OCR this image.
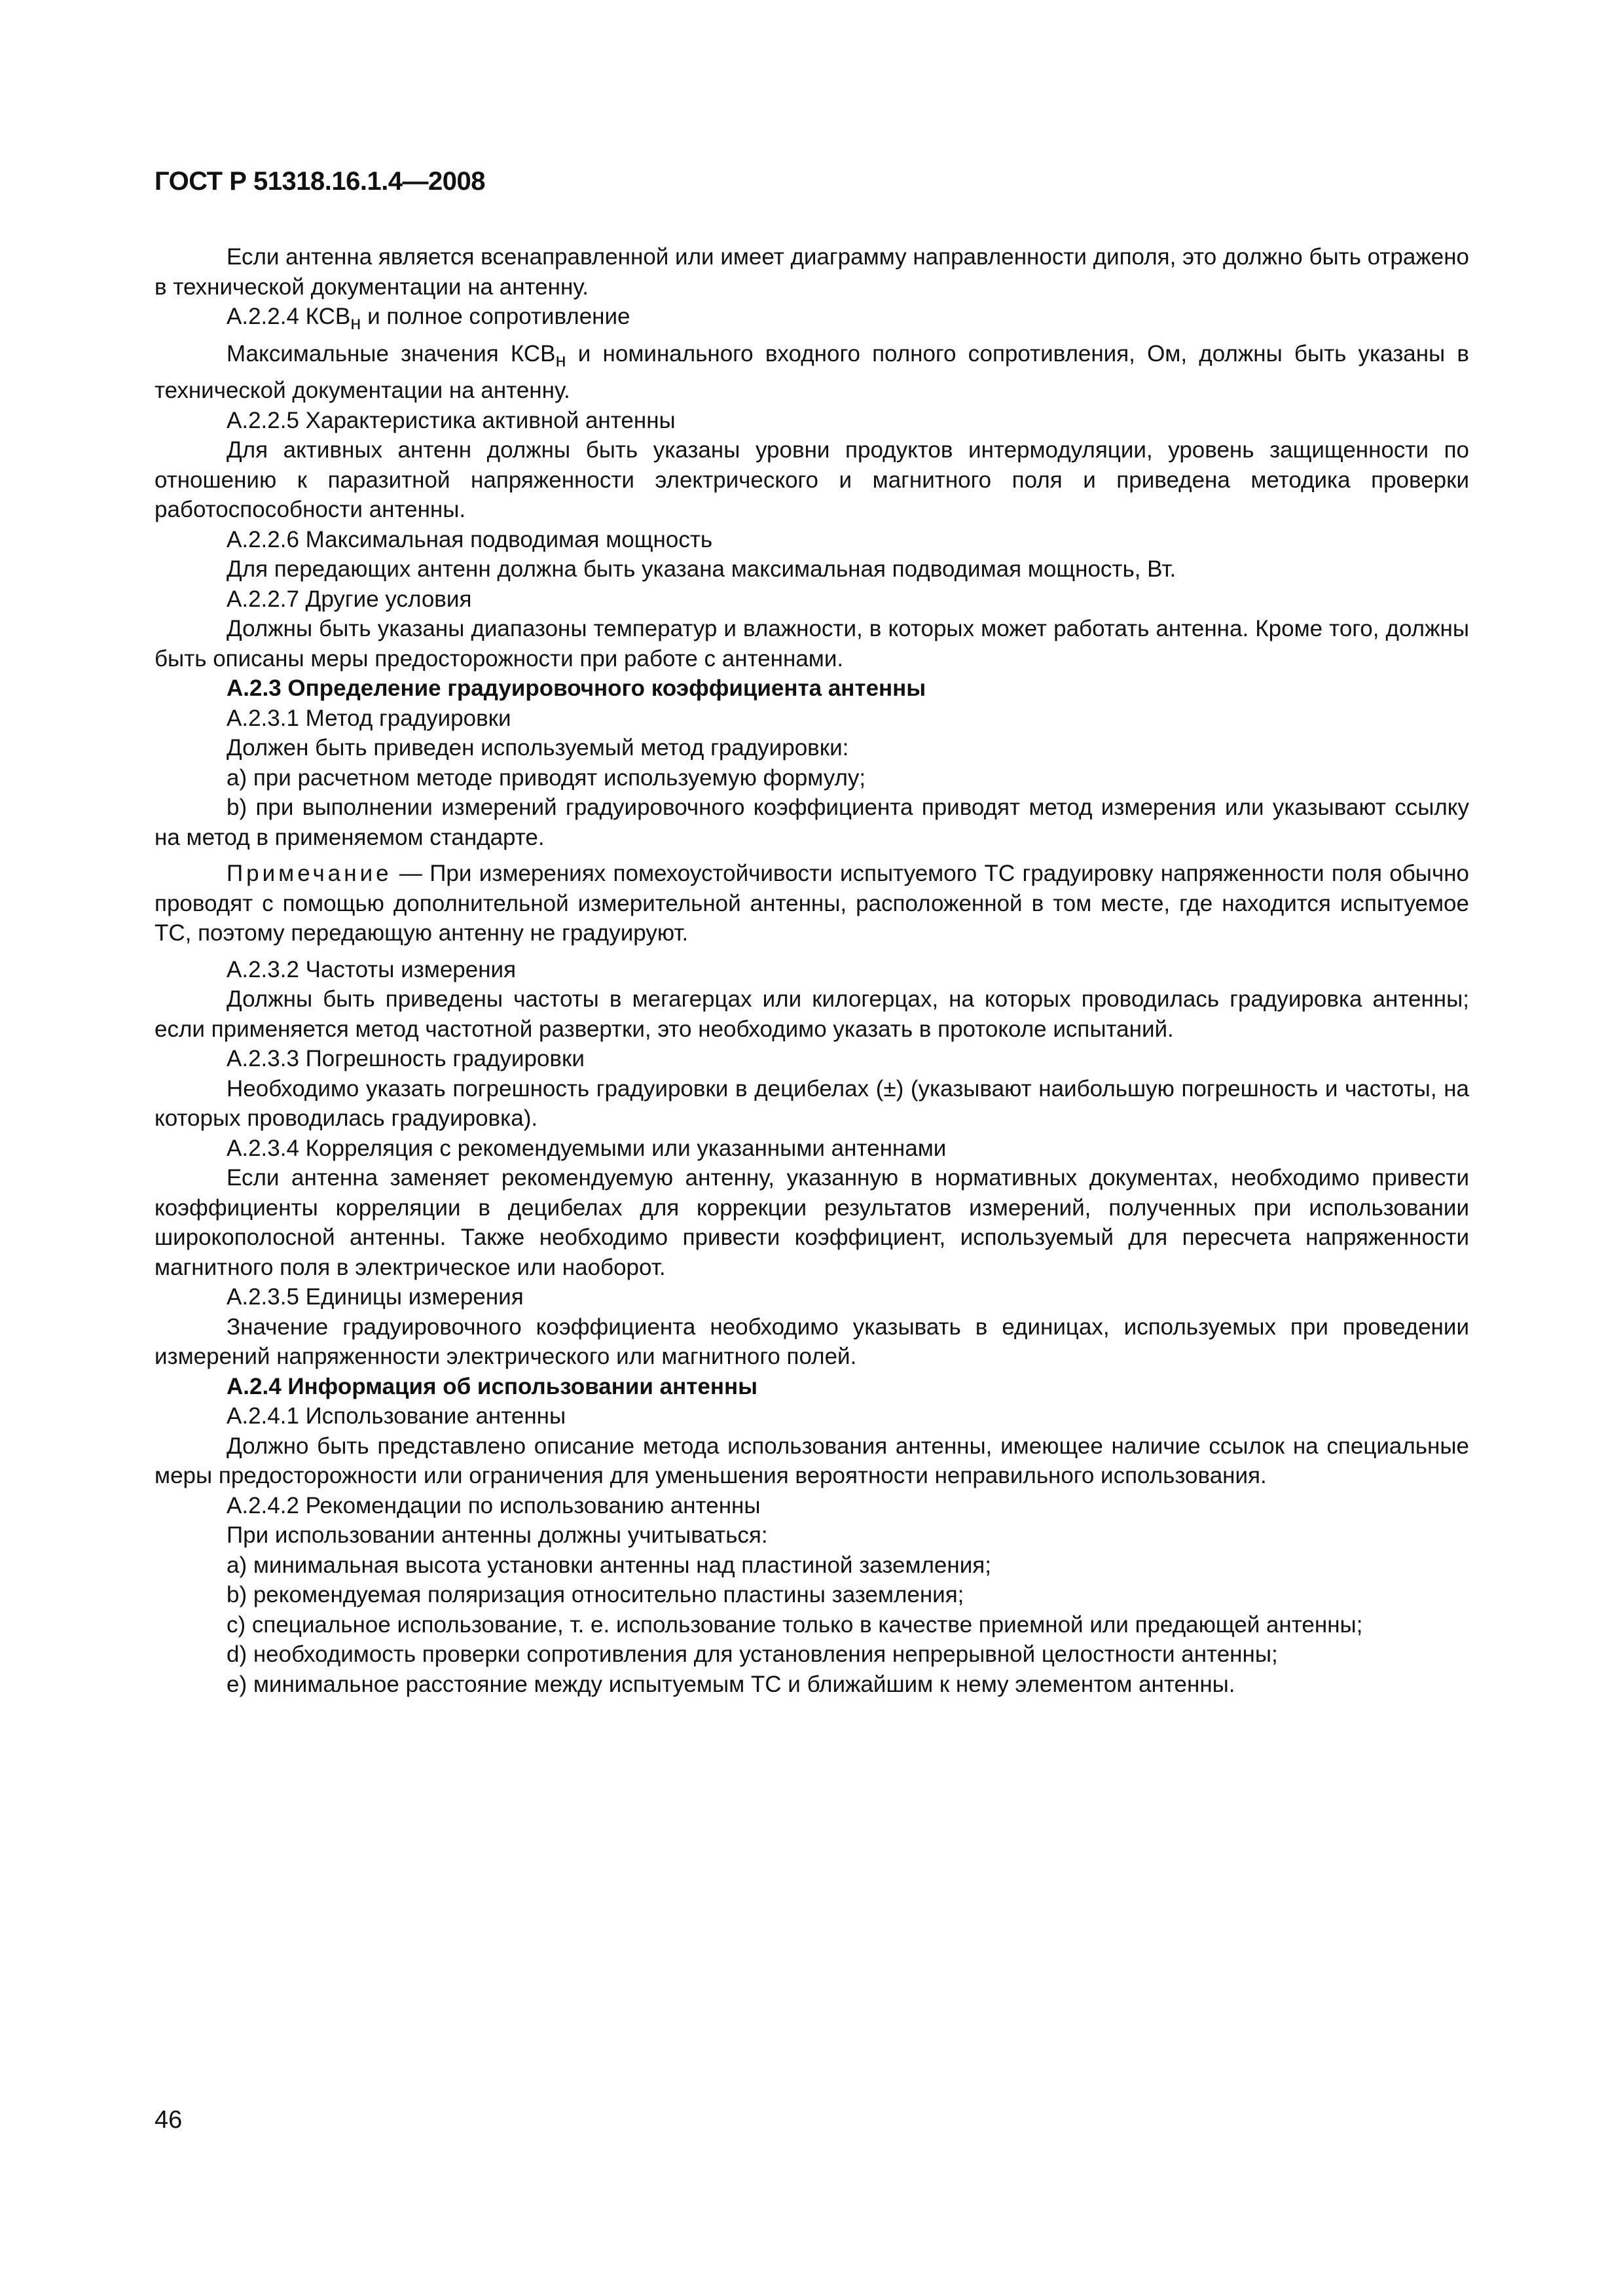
ГОСТ Р 51318.16.1.4—2008

Если антенна является всенаправленной или имеет диаграмму направленности диполя, это должно быть отражено в технической документации на антенну.

А.2.2.4 $КСВ_н$ и полное сопротивление

Максимальные значения $КСВ_н$ и номинального входного полного сопротивления, Ом, должны быть указаны в технической документации на антенну.

А.2.2.5 Характеристика активной антенны

Для активных антенн должны быть указаны уровни продуктов интермодуляции, уровень защищенности по отношению к паразитной напряженности электрического и магнитного поля и приведена методика проверки работоспособности антенны.

А.2.2.6 Максимальная подводимая мощность

Для передающих антенн должна быть указана максимальная подводимая мощность, Вт.

А.2.2.7 Другие условия

Должны быть указаны диапазоны температур и влажности, в которых может работать антенна. Кроме того, должны быть описаны меры предосторожности при работе с антеннами.

А.2.3 Определение градуировочного коэффициента антенны

А.2.3.1 Метод градуировки

Должен быть приведен используемый метод градуировки:

а) при расчетном методе приводят используемую формулу;

b) при выполнении измерений градуировочного коэффициента приводят метод измерения или указывают ссылку на метод в применяемом стандарте.

Примечание — При измерениях помехоустойчивости испытуемого ТС градуировку напряженности поля обычно проводят с помощью дополнительной измерительной антенны, расположенной в том месте, где находится испытуемое ТС, поэтому передающую антенну не градуируют.

А.2.3.2 Частоты измерения

Должны быть приведены частоты в мегагерцах или килогерцах, на которых проводилась градуировка антенны; если применяется метод частотной развертки, это необходимо указать в протоколе испытаний.

А.2.3.3 Погрешность градуировки

Необходимо указать погрешность градуировки в децибелах (±) (указывают наибольшую погрешность и частоты, на которых проводилась градуировка).

А.2.3.4 Корреляция с рекомендуемыми или указанными антеннами

Если антенна заменяет рекомендуемую антенну, указанную в нормативных документах, необходимо привести коэффициенты корреляции в децибелах для коррекции результатов измерений, полученных при использовании широкополосной антенны. Также необходимо привести коэффициент, используемый для пересчета напряженности магнитного поля в электрическое или наоборот.

А.2.3.5 Единицы измерения

Значение градуировочного коэффициента необходимо указывать в единицах, используемых при проведении измерений напряженности электрического или магнитного полей.

А.2.4 Информация об использовании антенны

А.2.4.1 Использование антенны

Должно быть представлено описание метода использования антенны, имеющее наличие ссылок на специальные меры предосторожности или ограничения для уменьшения вероятности неправильного использования.

А.2.4.2 Рекомендации по использованию антенны

При использовании антенны должны учитываться:

а) минимальная высота установки антенны над пластиной заземления;

b) рекомендуемая поляризация относительно пластины заземления;

c) специальное использование, т. е. использование только в качестве приемной или предающей антенны;

d) необходимость проверки сопротивления для установления непрерывной целостности антенны;

е) минимальное расстояние между испытуемым ТС и ближайшим к нему элементом антенны.

46
